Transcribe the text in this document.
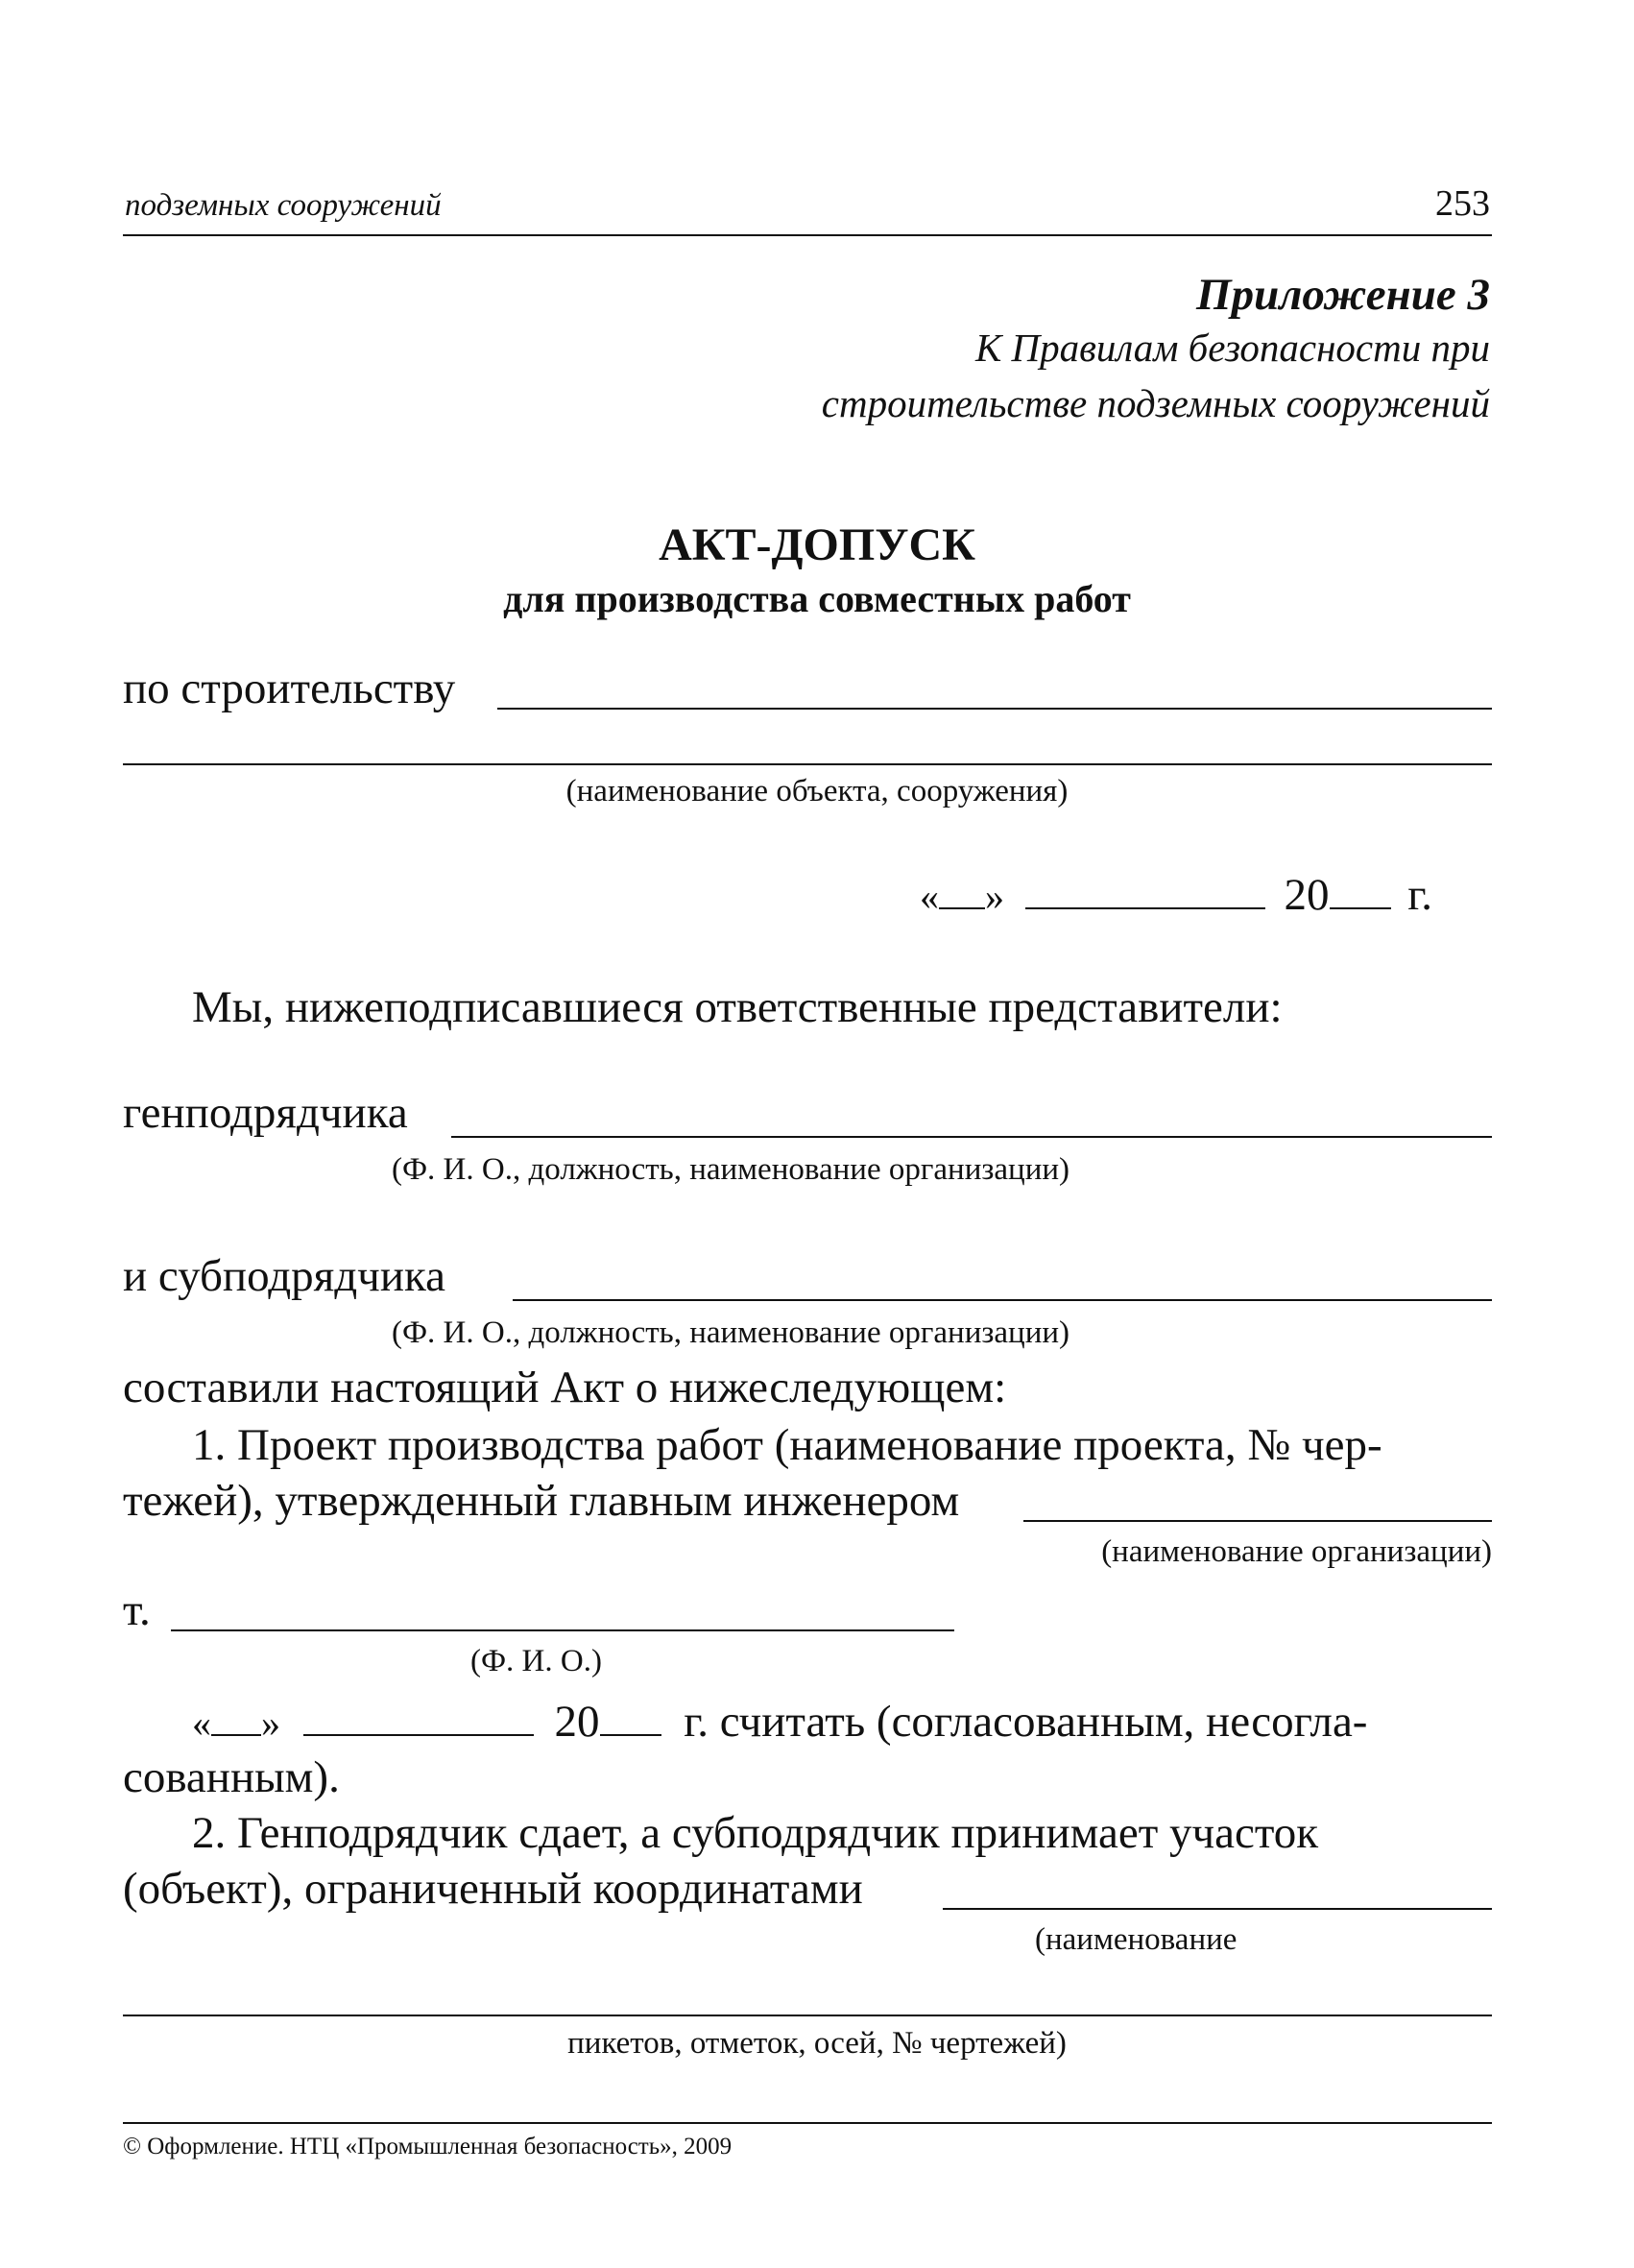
подземных сооружений	253
Приложение 3
К Правилам безопасности при
строительстве подземных сооружений
АКТ-ДОПУСК
для производства совместных работ
по строительству
(наименование объекта, сооружения)
« »	20 г.
Мы, нижеподписавшиеся ответственные представители:
генподрядчика
(Ф. И. О., должность, наименование организации)
и субподрядчика
(Ф. И. О., должность, наименование организации)
составили настоящий Акт о нижеследующем:
1. Проект производства работ (наименование проекта, № чер-
тежей), утвержденный главным инженером
(наименование организации)
т.
(Ф. И. О.)
« »	20 г. считать (согласованным, несогла-
сованным).
2. Генподрядчик сдает, а субподрядчик принимает участок
(объект), ограниченный координатами
(наименование
пикетов, отметок, осей, № чертежей)
© Оформление. НТЦ «Промышленная безопасность», 2009
